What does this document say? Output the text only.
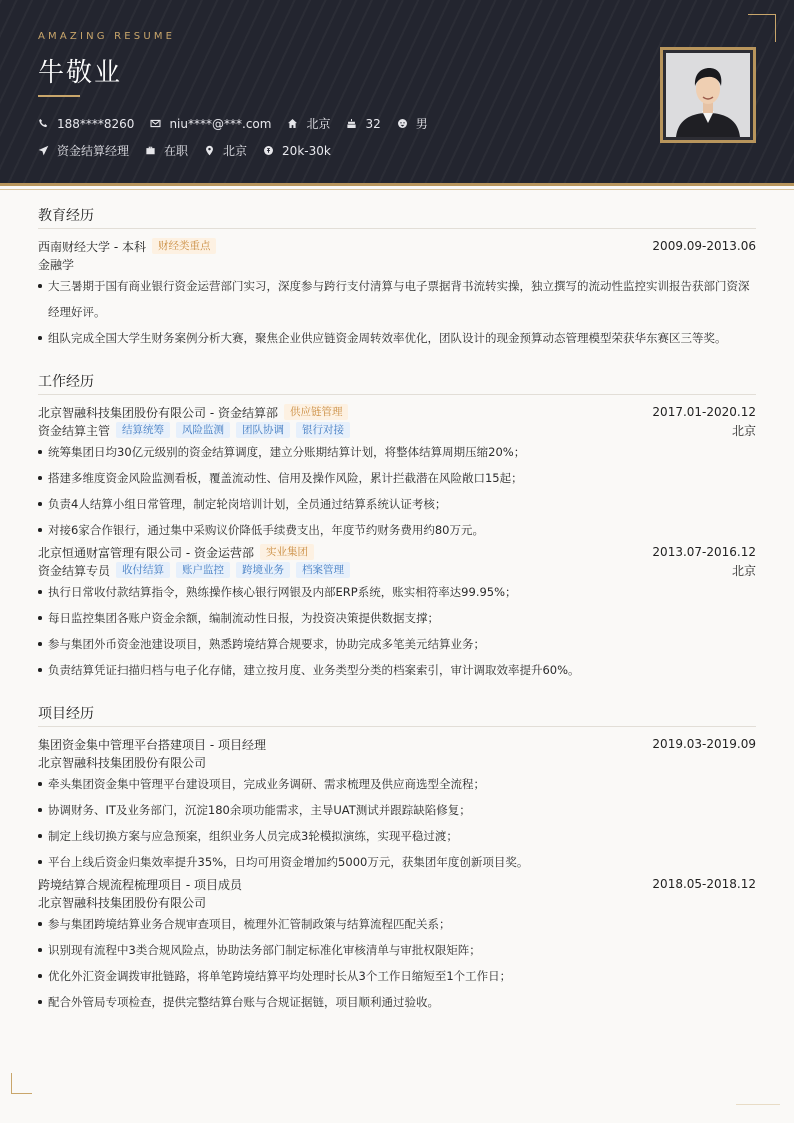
AMAZING RESUME
牛敬业
188****8260	niu****@***.com	北京	32	男
资金结算经理	在职	北京	20k-30k
教育经历
西南财经大学 - 本科	财经类重点	2009.09-2013.06
金融学
大三暑期于国有商业银行资金运营部门实习，深度参与跨行支付清算与电子票据背书流转实操，独立撰写的流动性监控实训报告获部门资深经理好评。
组队完成全国大学生财务案例分析大赛，聚焦企业供应链资金周转效率优化，团队设计的现金预算动态管理模型荣获华东赛区三等奖。
工作经历
北京智融科技集团股份有限公司 - 资金结算部	供应链管理	2017.01-2020.12
资金结算主管	结算统筹	风险监测	团队协调	银行对接	北京
统筹集团日均30亿元级别的资金结算调度，建立分账期结算计划，将整体结算周期压缩20%；
搭建多维度资金风险监测看板，覆盖流动性、信用及操作风险，累计拦截潜在风险敞口15起；
负责4人结算小组日常管理，制定轮岗培训计划，全员通过结算系统认证考核；
对接6家合作银行，通过集中采购议价降低手续费支出，年度节约财务费用约80万元。
北京恒通财富管理有限公司 - 资金运营部	实业集团	2013.07-2016.12
资金结算专员	收付结算	账户监控	跨境业务	档案管理	北京
执行日常收付款结算指令，熟练操作核心银行网银及内部ERP系统，账实相符率达99.95%；
每日监控集团各账户资金余额，编制流动性日报，为投资决策提供数据支撑；
参与集团外币资金池建设项目，熟悉跨境结算合规要求，协助完成多笔美元结算业务；
负责结算凭证扫描归档与电子化存储，建立按月度、业务类型分类的档案索引，审计调取效率提升60%。
项目经历
集团资金集中管理平台搭建项目 - 项目经理	2019.03-2019.09
北京智融科技集团股份有限公司
牵头集团资金集中管理平台建设项目，完成业务调研、需求梳理及供应商选型全流程；
协调财务、IT及业务部门，沉淀180余项功能需求，主导UAT测试并跟踪缺陷修复；
制定上线切换方案与应急预案，组织业务人员完成3轮模拟演练，实现平稳过渡；
平台上线后资金归集效率提升35%，日均可用资金增加约5000万元，获集团年度创新项目奖。
跨境结算合规流程梳理项目 - 项目成员	2018.05-2018.12
北京智融科技集团股份有限公司
参与集团跨境结算业务合规审查项目，梳理外汇管制政策与结算流程匹配关系；
识别现有流程中3类合规风险点，协助法务部门制定标准化审核清单与审批权限矩阵；
优化外汇资金调拨审批链路，将单笔跨境结算平均处理时长从3个工作日缩短至1个工作日；
配合外管局专项检查，提供完整结算台账与合规证据链，项目顺利通过验收。
